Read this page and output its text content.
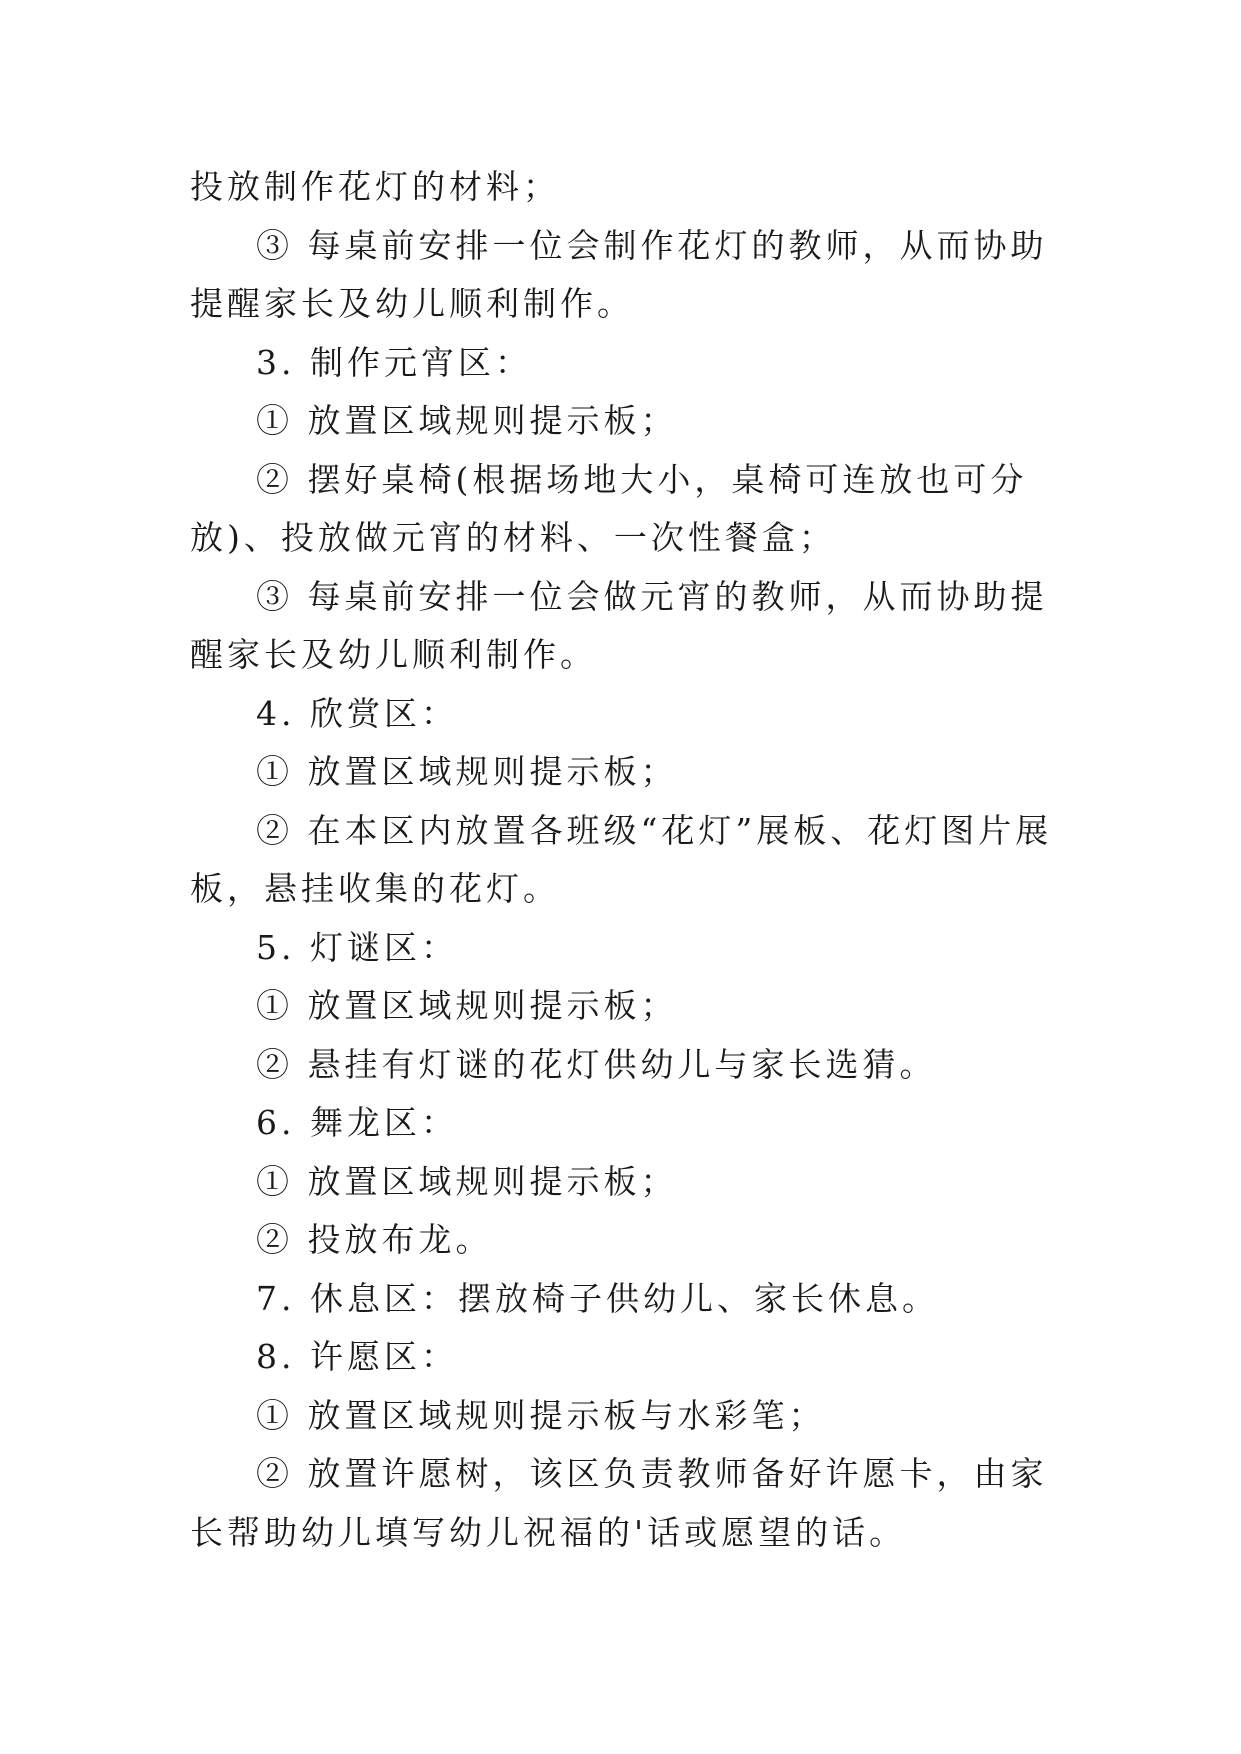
投放制作花灯的材料；

③ 每桌前安排一位会制作花灯的教师，从而协助提醒家长及幼儿顺利制作。

3. 制作元宵区：

① 放置区域规则提示板；

② 摆好桌椅(根据场地大小，桌椅可连放也可分放)、投放做元宵的材料、一次性餐盒；

③ 每桌前安排一位会做元宵的教师，从而协助提醒家长及幼儿顺利制作。

4. 欣赏区：

① 放置区域规则提示板；

② 在本区内放置各班级“花灯”展板、花灯图片展板，悬挂收集的花灯。

5. 灯谜区：

① 放置区域规则提示板；

② 悬挂有灯谜的花灯供幼儿与家长选猜。

6. 舞龙区：

① 放置区域规则提示板；

② 投放布龙。

7. 休息区：摆放椅子供幼儿、家长休息。

8. 许愿区：

① 放置区域规则提示板与水彩笔；

② 放置许愿树，该区负责教师备好许愿卡，由家长帮助幼儿填写幼儿祝福的'话或愿望的话。
